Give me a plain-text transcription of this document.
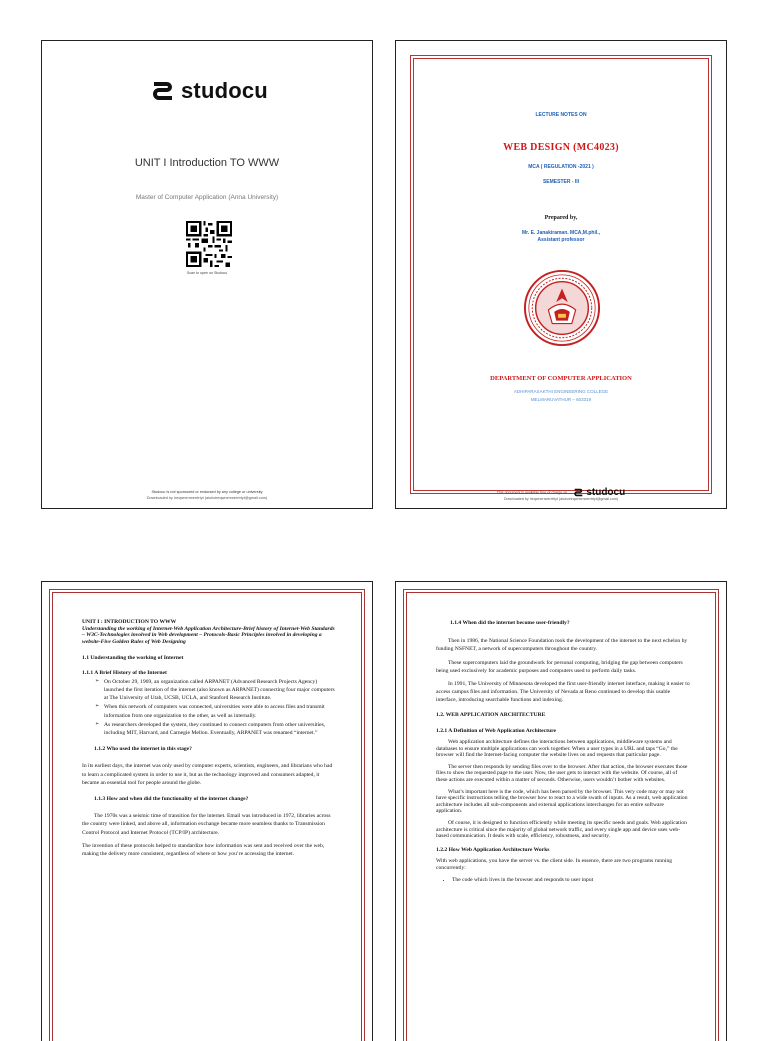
studocu
UNIT I Introduction TO WWW
Master of Computer Application (Anna University)
Scan to open on Studocu
Studocu is not sponsored or endorsed by any college or university
Downloaded by Ireqwnerrwerrtrtyt (aluiruireqwnerrwerrtrtyt@gmail.com)
LECTURE NOTES ON
WEB DESIGN (MC4023)
MCA ( REGULATION -2021 )
SEMESTER - III
Prepared by,
Mr. E. Janakiraman. MCA,M.phil.,
Assistant professor
DEPARTMENT OF COMPUTER APPLICATION
ADHIPARASAKTHI ENGINEERING COLLEGE
MELMARUVATHUR – 603319
This document is available free of charge on studocu
Downloaded by Ireqwnerrwerrtrtyt (aluiruireqwnerrwerrtrtyt@gmail.com)

UNIT I : INTRODUCTION TO WWW
Understanding the working of Internet-Web Application Architecture-Brief history of Internet-Web Standards – W3C-Technologies involved in Web development – Protocols-Basic Principles involved in developing a website-Five Golden Rules of Web Designing

1.1 Understanding the working of Internet

1.1.1 A Brief History of the Internet

➢ On October 29, 1969, an organization called ARPANET (Advanced Research Projects Agency) launched the first iteration of the internet (also known as ARPANET) connecting four major computers at The University of Utah, UCSB, UCLA, and Stanford Research Institute.
➢ When this network of computers was connected, universities were able to access files and transmit information from one organization to the other, as well as internally.
➢ As researchers developed the system, they continued to connect computers from other universities, including MIT, Harvard, and Carnegie Mellon. Eventually, ARPANET was renamed “internet.”

1.1.2 Who used the internet in this stage?

In its earliest days, the internet was only used by computer experts, scientists, engineers, and librarians who had to learn a complicated system in order to use it, but as the technology improved and consumers adapted, it became an essential tool for people around the globe.

1.1.3 How and when did the functionality of the internet change?

The 1970s was a seismic time of transition for the internet. Email was introduced in 1972, libraries across the country were linked, and above all, information exchange became more seamless thanks to Transmission Control Protocol and Internet Protocol (TCP/IP) architecture.

The invention of these protocols helped to standardize how information was sent and received over the web, making the delivery more consistent, regardless of where or how you’re accessing the internet.

1.1.4 When did the internet become user-friendly?

Then in 1986, the National Science Foundation took the development of the internet to the next echelon by funding NSFNET, a network of supercomputers throughout the country.

These supercomputers laid the groundwork for personal computing, bridging the gap between computers being used exclusively for academic purposes and computers used to perform daily tasks.

In 1991, The University of Minnesota developed the first user-friendly internet interface, making it easier to access campus files and information. The University of Nevada at Reno continued to develop this usable interface, introducing searchable functions and indexing.

1.2. WEB APPLICATION ARCHITECTURE

1.2.1 A Definition of Web Application Architecture

Web application architecture defines the interactions between applications, middleware systems and databases to ensure multiple applications can work together. When a user types in a URL and taps “Go,” the browser will find the Internet-facing computer the website lives on and requests that particular page.

The server then responds by sending files over to the browser. After that action, the browser executes those files to show the requested page to the user. Now, the user gets to interact with the website. Of course, all of these actions are executed within a matter of seconds. Otherwise, users wouldn’t bother with websites.

What’s important here is the code, which has been parsed by the browser. This very code may or may not have specific instructions telling the browser how to react to a wide swath of inputs. As a result, web application architecture includes all sub-components and external applications interchanges for an entire software application.

Of course, it is designed to function efficiently while meeting its specific needs and goals. Web application architecture is critical since the majority of global network traffic, and every single app and device uses web-based communication. It deals with scale, efficiency, robustness, and security.

1.2.2 How Web Application Architecture Works

With web applications, you have the server vs. the client side. In essence, there are two programs running concurrently:

• The code which lives in the browser and responds to user input
